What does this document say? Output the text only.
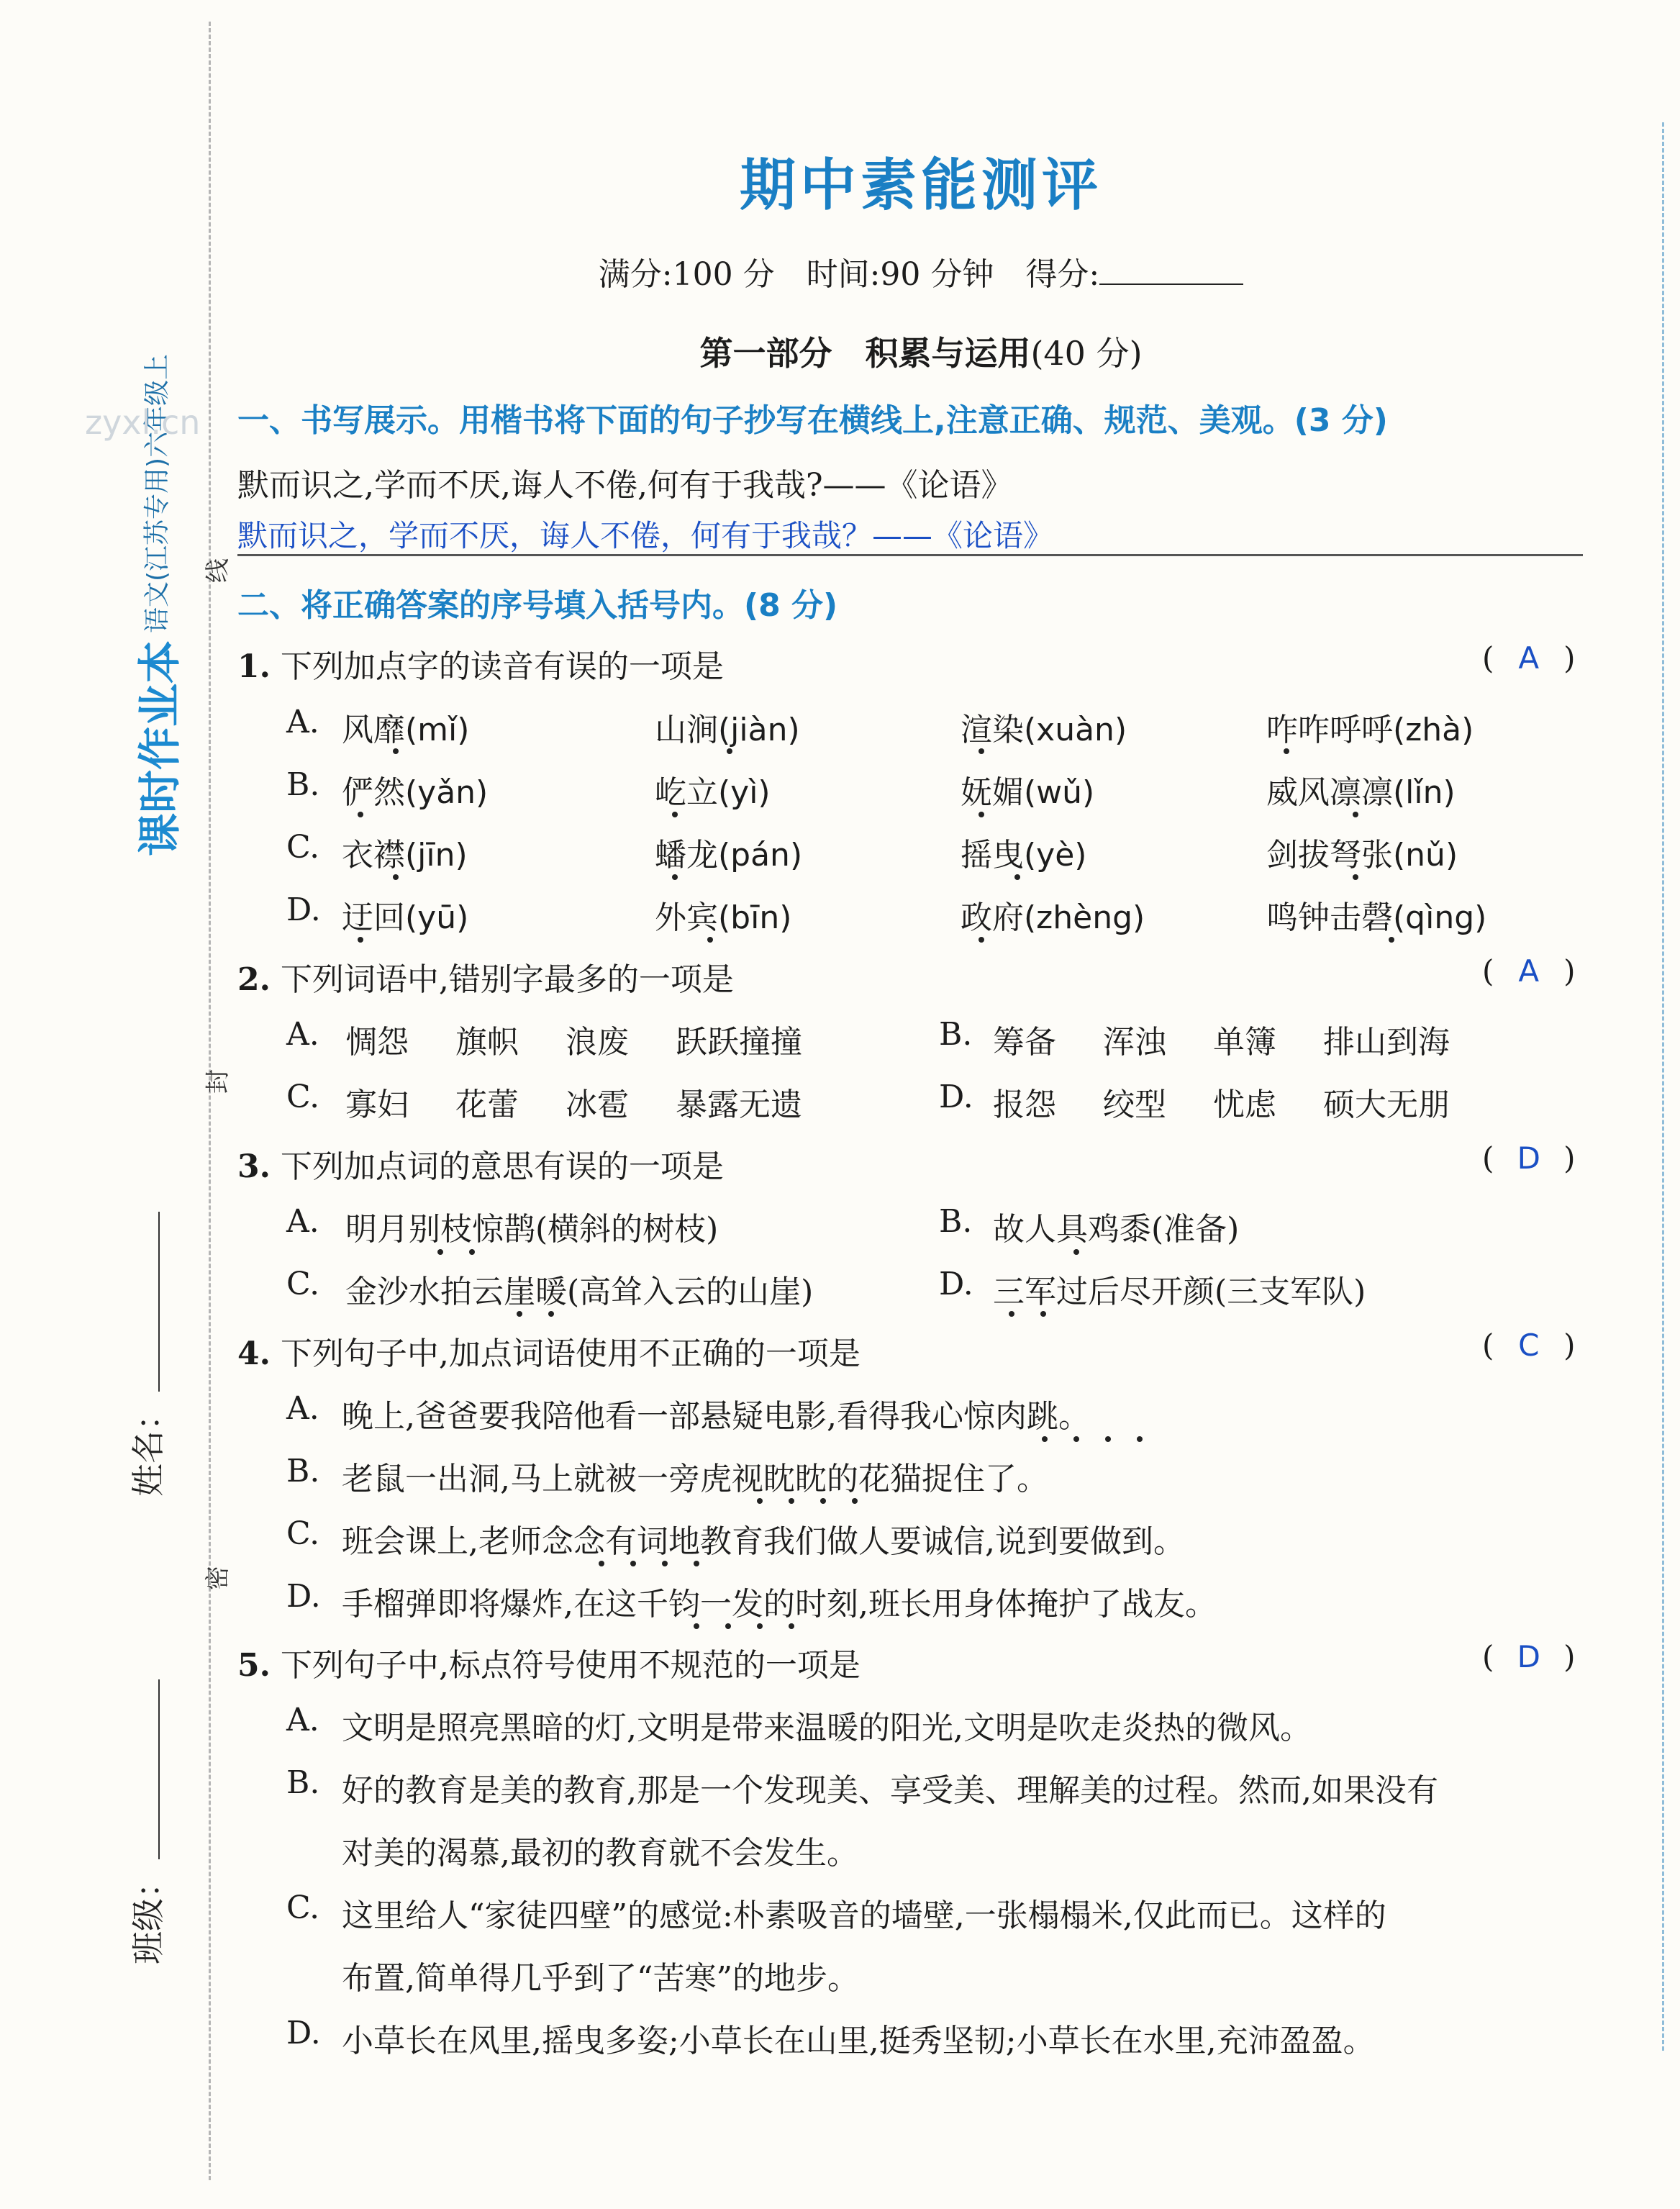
语文(江苏专用)六年级上
课时作业本
线
封
密
姓名：
班级：
zyxl.cn
期中素能测评
满分:100 分　时间:90 分钟　得分:
第一部分　积累与运用(40 分)
一、书写展示。用楷书将下面的句子抄写在横线上,注意正确、规范、美观。(3 分)
默而识之,学而不厌,诲人不倦,何有于我哉?——《论语》
默而识之，学而不厌，诲人不倦，何有于我哉？——《论语》
二、将正确答案的序号填入括号内。(8 分)
1. 下列加点字的读音有误的一项是	( A )
A. 风靡(mǐ)	山涧(jiàn)	渲染(xuàn)	咋咋呼呼(zhà)
B. 俨然(yǎn)	屹立(yì)	妩媚(wǔ)	威风凛凛(lǐn)
C. 衣襟(jīn)	蟠龙(pán)	摇曳(yè)	剑拔弩张(nǔ)
D. 迂回(yū)	外宾(bīn)	政府(zhèng)	鸣钟击磬(qìng)
2. 下列词语中,错别字最多的一项是	( A )
A. 惆怨 旗帜 浪废 跃跃撞撞	B. 筹备 浑浊 单簿 排山到海
C. 寡妇 花蕾 冰雹 暴露无遗	D. 报怨 绞型 忧虑 硕大无朋
3. 下列加点词的意思有误的一项是	( D )
A. 明月别枝惊鹊(横斜的树枝)	B. 故人具鸡黍(准备)
C. 金沙水拍云崖暖(高耸入云的山崖)	D. 三军过后尽开颜(三支军队)
4. 下列句子中,加点词语使用不正确的一项是	( C )
A. 晚上,爸爸要我陪他看一部悬疑电影,看得我心惊肉跳。
B. 老鼠一出洞,马上就被一旁虎视眈眈的花猫捉住了。
C. 班会课上,老师念念有词地教育我们做人要诚信,说到要做到。
D. 手榴弹即将爆炸,在这千钧一发的时刻,班长用身体掩护了战友。
5. 下列句子中,标点符号使用不规范的一项是	( D )
A. 文明是照亮黑暗的灯,文明是带来温暖的阳光,文明是吹走炎热的微风。
B. 好的教育是美的教育,那是一个发现美、享受美、理解美的过程。然而,如果没有
对美的渴慕,最初的教育就不会发生。
C. 这里给人“家徒四壁”的感觉:朴素吸音的墙壁,一张榻榻米,仅此而已。这样的
布置,简单得几乎到了“苦寒”的地步。
D. 小草长在风里,摇曳多姿;小草长在山里,挺秀坚韧;小草长在水里,充沛盈盈。
